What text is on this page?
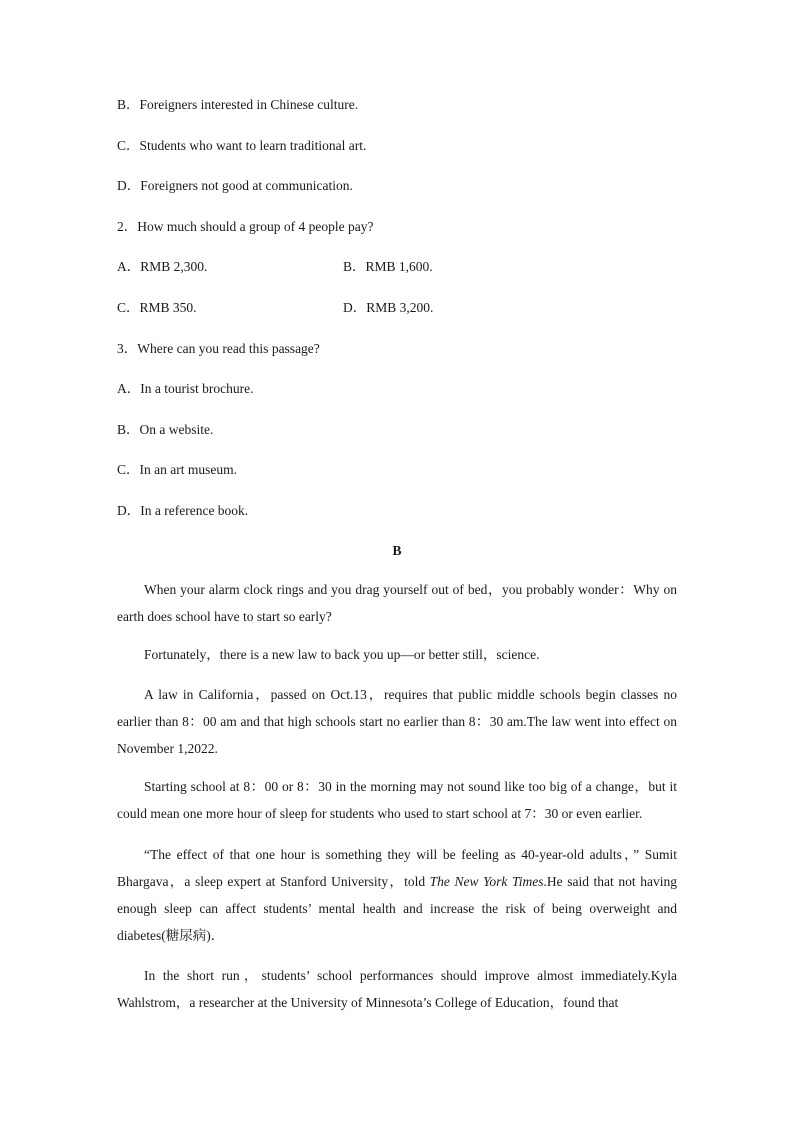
B．Foreigners interested in Chinese culture.
C．Students who want to learn traditional art.
D．Foreigners not good at communication.
2．How much should a group of 4 people pay?
A．RMB 2,300.	B．RMB 1,600.
C．RMB 350.	D．RMB 3,200.
3．Where can you read this passage?
A．In a tourist brochure.
B．On a website.
C．In an art museum.
D．In a reference book.
B

When your alarm clock rings and you drag yourself out of bed，you probably wonder：Why on earth does school have to start so early?

Fortunately，there is a new law to back you up—or better still，science.

A law in California，passed on Oct.13，requires that public middle schools begin classes no earlier than 8：00 am and that high schools start no earlier than 8：30 am.The law went into effect on November 1,2022.

Starting school at 8：00 or 8：30 in the morning may not sound like too big of a change，but it could mean one more hour of sleep for students who used to start school at 7：30 or even earlier.

“The effect of that one hour is something they will be feeling as 40-year-old adults，” Sumit Bhargava，a sleep expert at Stanford University，told The New York Times.He said that not having enough sleep can affect students’ mental health and increase the risk of being overweight and diabetes(糖尿病)．

In the short run，students’ school performances should improve almost immediately.Kyla Wahlstrom，a researcher at the University of Minnesota’s College of Education，found that
